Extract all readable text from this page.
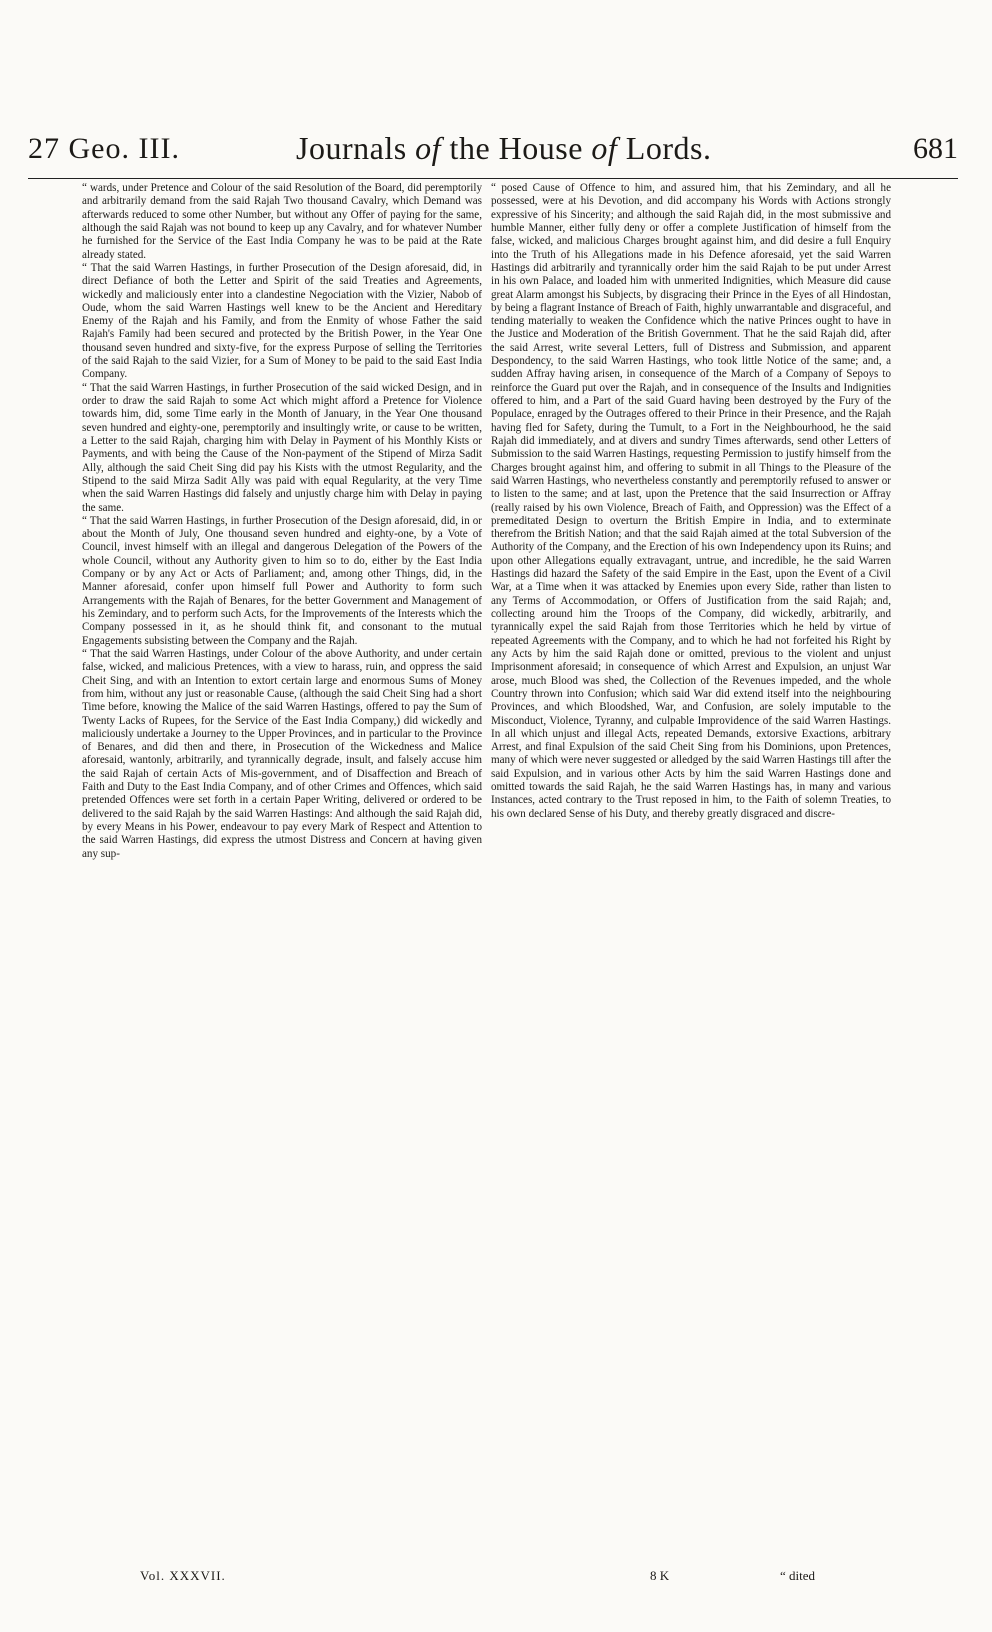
27 Geo. III.	Journals of the House of Lords.	681

“ wards, under Pretence and Colour of the said Resolution of the Board, did peremptorily and arbitrarily demand from the said Rajah Two thousand Cavalry, which Demand was afterwards reduced to some other Number, but without any Offer of paying for the same, although the said Rajah was not bound to keep up any Cavalry, and for whatever Number he furnished for the Service of the East India Company he was to be paid at the Rate already stated.

“ That the said Warren Hastings, in further Prosecution of the Design aforesaid, did, in direct Defiance of both the Letter and Spirit of the said Treaties and Agreements, wickedly and maliciously enter into a clandestine Negociation with the Vizier, Nabob of Oude, whom the said Warren Hastings well knew to be the Ancient and Hereditary Enemy of the Rajah and his Family, and from the Enmity of whose Father the said Rajah's Family had been secured and protected by the British Power, in the Year One thousand seven hundred and sixty-five, for the express Purpose of selling the Territories of the said Rajah to the said Vizier, for a Sum of Money to be paid to the said East India Company.

“ That the said Warren Hastings, in further Prosecution of the said wicked Design, and in order to draw the said Rajah to some Act which might afford a Pretence for Violence towards him, did, some Time early in the Month of January, in the Year One thousand seven hundred and eighty-one, peremptorily and insultingly write, or cause to be written, a Letter to the said Rajah, charging him with Delay in Payment of his Monthly Kists or Payments, and with being the Cause of the Non-payment of the Stipend of Mirza Sadit Ally, although the said Cheit Sing did pay his Kists with the utmost Regularity, and the Stipend to the said Mirza Sadit Ally was paid with equal Regularity, at the very Time when the said Warren Hastings did falsely and unjustly charge him with Delay in paying the same.

“ That the said Warren Hastings, in further Prosecution of the Design aforesaid, did, in or about the Month of July, One thousand seven hundred and eighty-one, by a Vote of Council, invest himself with an illegal and dangerous Delegation of the Powers of the whole Council, without any Authority given to him so to do, either by the East India Company or by any Act or Acts of Parliament; and, among other Things, did, in the Manner aforesaid, confer upon himself full Power and Authority to form such Arrangements with the Rajah of Benares, for the better Government and Management of his Zemindary, and to perform such Acts, for the Improvements of the Interests which the Company possessed in it, as he should think fit, and consonant to the mutual Engagements subsisting between the Company and the Rajah.

“ That the said Warren Hastings, under Colour of the above Authority, and under certain false, wicked, and malicious Pretences, with a view to harass, ruin, and oppress the said Cheit Sing, and with an Intention to extort certain large and enormous Sums of Money from him, without any just or reasonable Cause, (although the said Cheit Sing had a short Time before, knowing the Malice of the said Warren Hastings, offered to pay the Sum of Twenty Lacks of Rupees, for the Service of the East India Company,) did wickedly and maliciously undertake a Journey to the Upper Provinces, and in particular to the Province of Benares, and did then and there, in Prosecution of the Wickedness and Malice aforesaid, wantonly, arbitrarily, and tyrannically degrade, insult, and falsely accuse him the said Rajah of certain Acts of Mis-government, and of Disaffection and Breach of Faith and Duty to the East India Company, and of other Crimes and Offences, which said pretended Offences were set forth in a certain Paper Writing, delivered or ordered to be delivered to the said Rajah by the said Warren Hastings: And although the said Rajah did, by every Means in his Power, endeavour to pay every Mark of Respect and Attention to the said Warren Hastings, did express the utmost Distress and Concern at having given any sup-

“ posed Cause of Offence to him, and assured him, that his Zemindary, and all he possessed, were at his Devotion, and did accompany his Words with Actions strongly expressive of his Sincerity; and although the said Rajah did, in the most submissive and humble Manner, either fully deny or offer a complete Justification of himself from the false, wicked, and malicious Charges brought against him, and did desire a full Enquiry into the Truth of his Allegations made in his Defence aforesaid, yet the said Warren Hastings did arbitrarily and tyrannically order him the said Rajah to be put under Arrest in his own Palace, and loaded him with unmerited Indignities, which Measure did cause great Alarm amongst his Subjects, by disgracing their Prince in the Eyes of all Hindostan, by being a flagrant Instance of Breach of Faith, highly unwarrantable and disgraceful, and tending materially to weaken the Confidence which the native Princes ought to have in the Justice and Moderation of the British Government. That he the said Rajah did, after the said Arrest, write several Letters, full of Distress and Submission, and apparent Despondency, to the said Warren Hastings, who took little Notice of the same; and, a sudden Affray having arisen, in consequence of the March of a Company of Sepoys to reinforce the Guard put over the Rajah, and in consequence of the Insults and Indignities offered to him, and a Part of the said Guard having been destroyed by the Fury of the Populace, enraged by the Outrages offered to their Prince in their Presence, and the Rajah having fled for Safety, during the Tumult, to a Fort in the Neighbourhood, he the said Rajah did immediately, and at divers and sundry Times afterwards, send other Letters of Submission to the said Warren Hastings, requesting Permission to justify himself from the Charges brought against him, and offering to submit in all Things to the Pleasure of the said Warren Hastings, who nevertheless constantly and peremptorily refused to answer or to listen to the same; and at last, upon the Pretence that the said Insurrection or Affray (really raised by his own Violence, Breach of Faith, and Oppression) was the Effect of a premeditated Design to overturn the British Empire in India, and to exterminate therefrom the British Nation; and that the said Rajah aimed at the total Subversion of the Authority of the Company, and the Erection of his own Independency upon its Ruins; and upon other Allegations equally extravagant, untrue, and incredible, he the said Warren Hastings did hazard the Safety of the said Empire in the East, upon the Event of a Civil War, at a Time when it was attacked by Enemies upon every Side, rather than listen to any Terms of Accommodation, or Offers of Justification from the said Rajah; and, collecting around him the Troops of the Company, did wickedly, arbitrarily, and tyrannically expel the said Rajah from those Territories which he held by virtue of repeated Agreements with the Company, and to which he had not forfeited his Right by any Acts by him the said Rajah done or omitted, previous to the violent and unjust Imprisonment aforesaid; in consequence of which Arrest and Expulsion, an unjust War arose, much Blood was shed, the Collection of the Revenues impeded, and the whole Country thrown into Confusion; which said War did extend itself into the neighbouring Provinces, and which Bloodshed, War, and Confusion, are solely imputable to the Misconduct, Violence, Tyranny, and culpable Improvidence of the said Warren Hastings. In all which unjust and illegal Acts, repeated Demands, extorsive Exactions, arbitrary Arrest, and final Expulsion of the said Cheit Sing from his Dominions, upon Pretences, many of which were never suggested or alledged by the said Warren Hastings till after the said Expulsion, and in various other Acts by him the said Warren Hastings done and omitted towards the said Rajah, he the said Warren Hastings has, in many and various Instances, acted contrary to the Trust reposed in him, to the Faith of solemn Treaties, to his own declared Sense of his Duty, and thereby greatly disgraced and discre-

Vol. XXXVII.	8 K	“ dited
